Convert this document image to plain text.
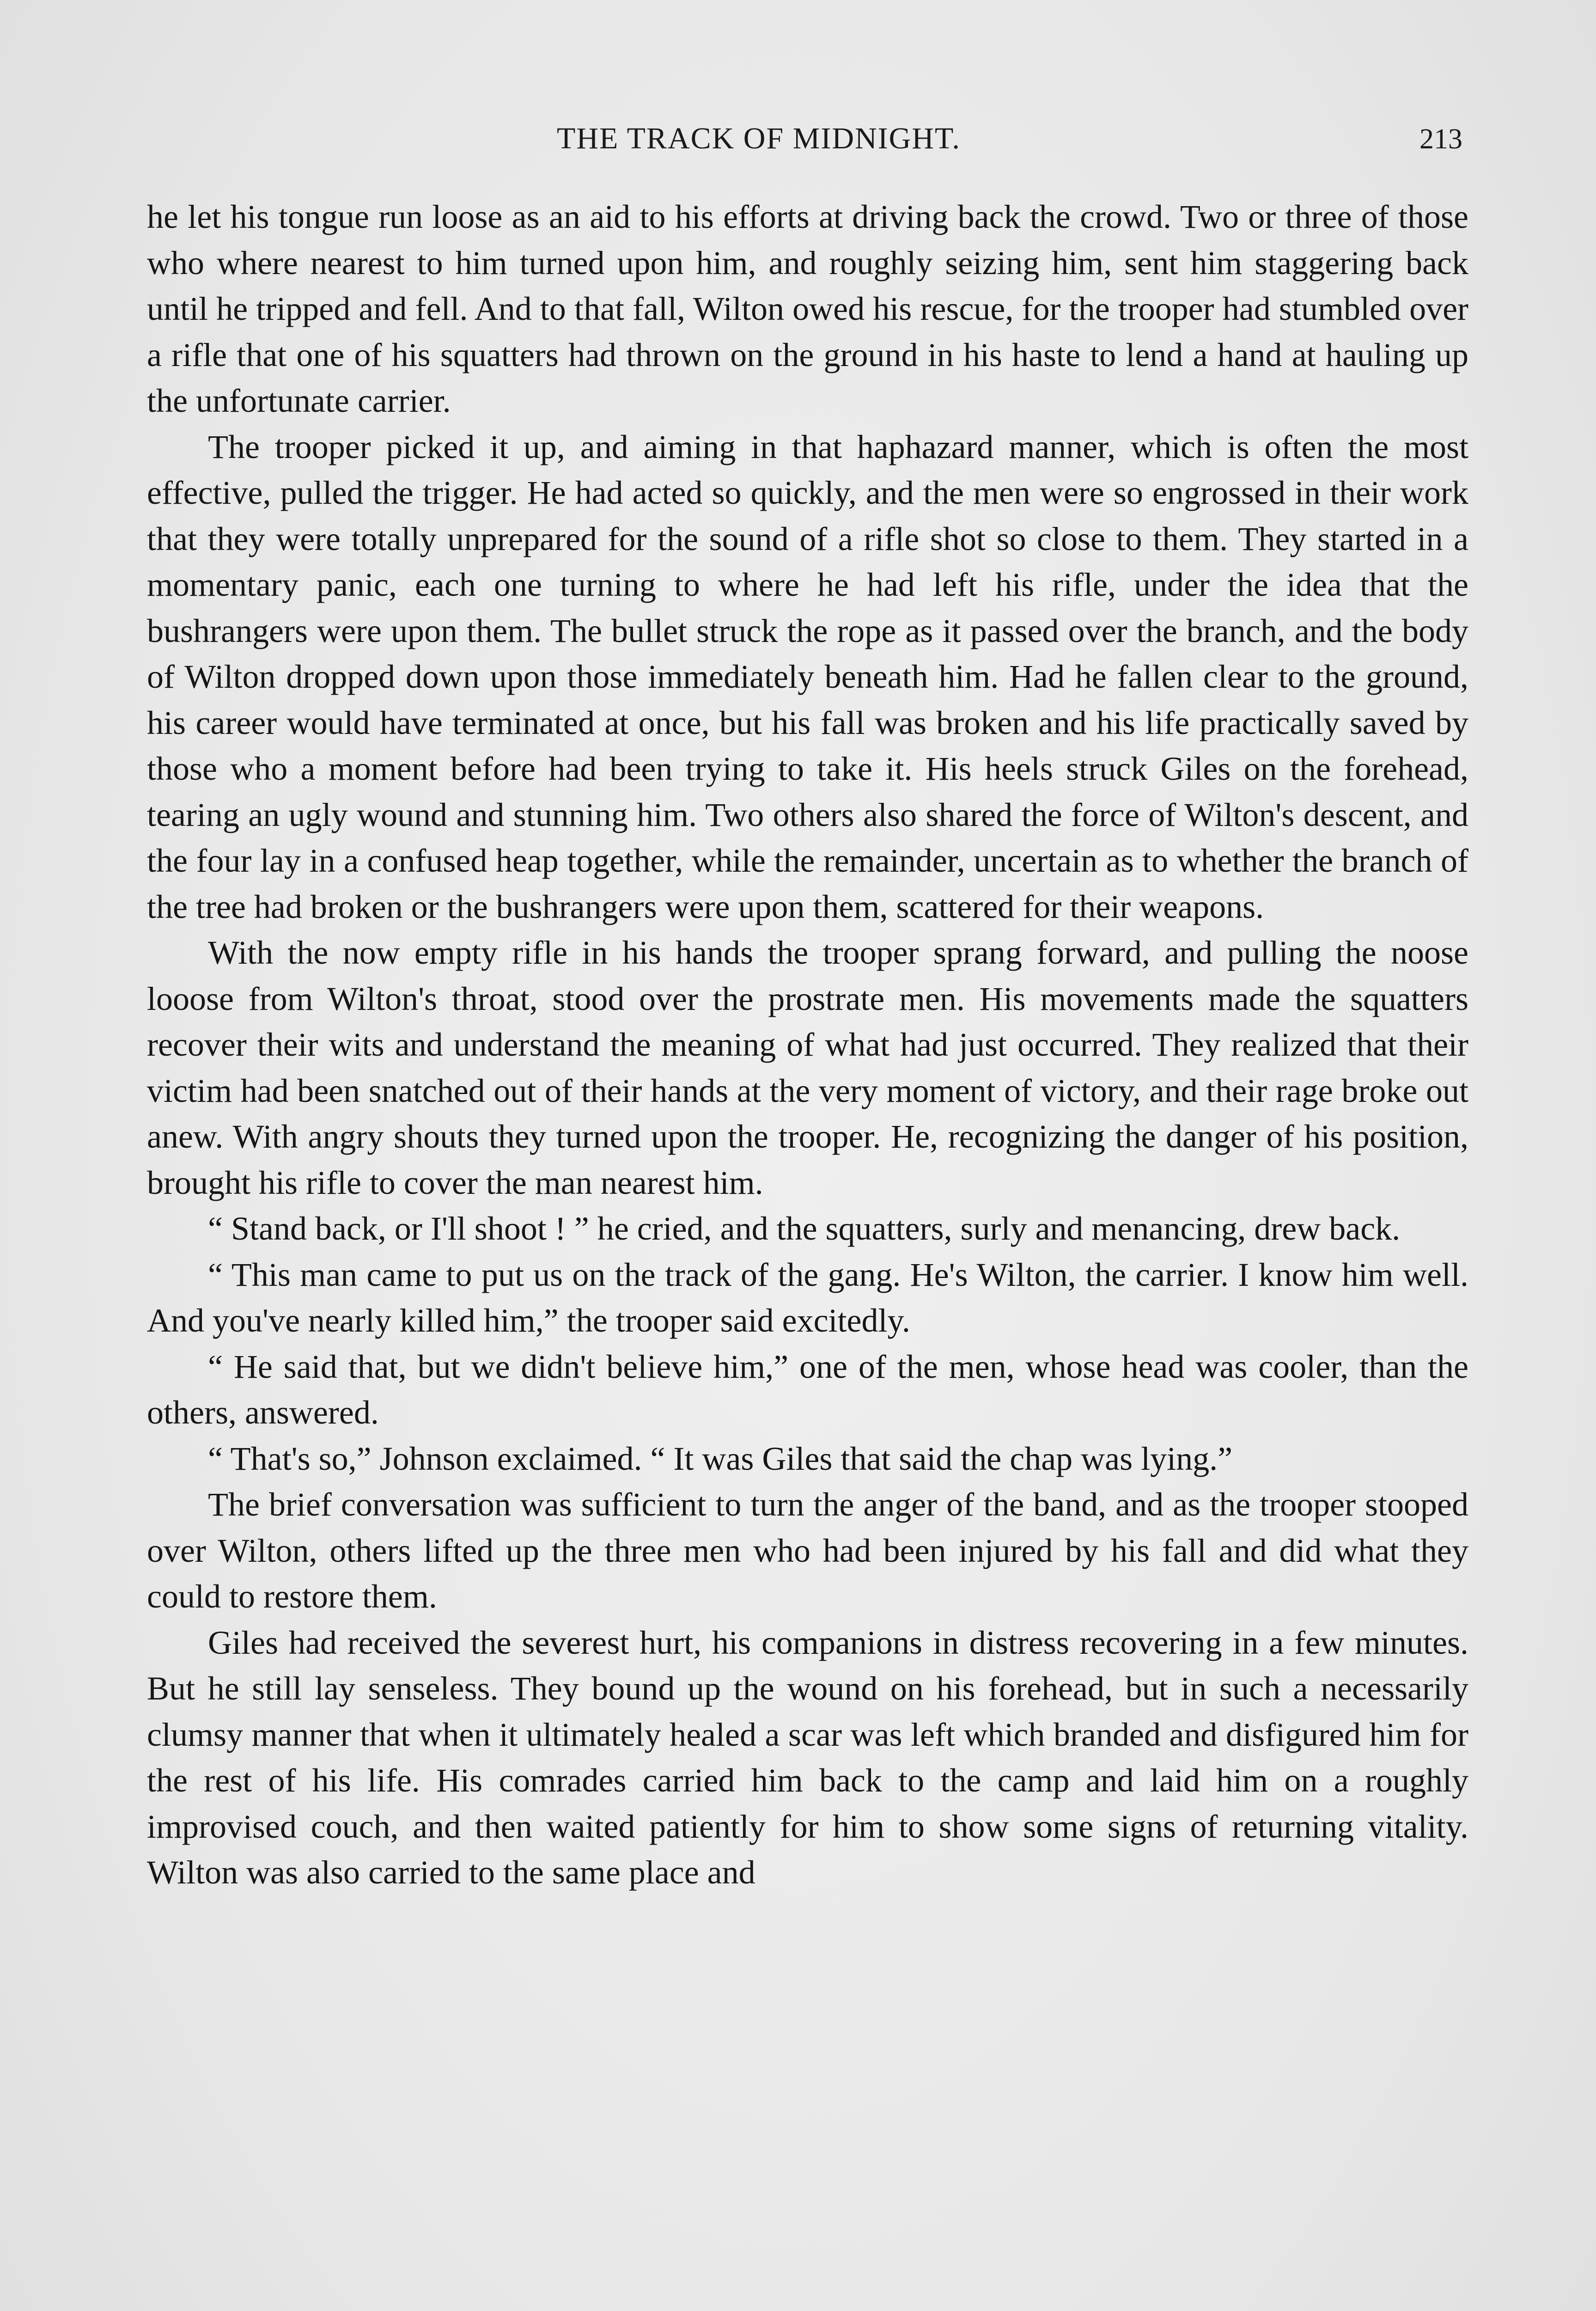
THE TRACK OF MIDNIGHT.	213

he let his tongue run loose as an aid to his efforts at driving back the crowd. Two or three of those who where nearest to him turned upon him, and roughly seizing him, sent him staggering back until he tripped and fell. And to that fall, Wilton owed his rescue, for the trooper had stumbled over a rifle that one of his squatters had thrown on the ground in his haste to lend a hand at hauling up the unfortunate carrier.

The trooper picked it up, and aiming in that haphazard manner, which is often the most effective, pulled the trigger. He had acted so quickly, and the men were so engrossed in their work that they were totally unprepared for the sound of a rifle shot so close to them. They started in a momentary panic, each one turning to where he had left his rifle, under the idea that the bushrangers were upon them. The bullet struck the rope as it passed over the branch, and the body of Wilton dropped down upon those immediately beneath him. Had he fallen clear to the ground, his career would have terminated at once, but his fall was broken and his life practically saved by those who a moment before had been trying to take it. His heels struck Giles on the forehead, tearing an ugly wound and stunning him. Two others also shared the force of Wilton's descent, and the four lay in a confused heap together, while the remainder, uncertain as to whether the branch of the tree had broken or the bushrangers were upon them, scattered for their weapons.

With the now empty rifle in his hands the trooper sprang forward, and pulling the noose looose from Wilton's throat, stood over the prostrate men. His movements made the squatters recover their wits and understand the meaning of what had just occurred. They realized that their victim had been snatched out of their hands at the very moment of victory, and their rage broke out anew. With angry shouts they turned upon the trooper. He, recognizing the danger of his position, brought his rifle to cover the man nearest him.

“ Stand back, or I'll shoot ! ” he cried, and the squatters, surly and menancing, drew back.

“ This man came to put us on the track of the gang. He's Wilton, the carrier. I know him well. And you've nearly killed him,” the trooper said excitedly.

“ He said that, but we didn't believe him,” one of the men, whose head was cooler, than the others, answered.

“ That's so,” Johnson exclaimed. “ It was Giles that said the chap was lying.”

The brief conversation was sufficient to turn the anger of the band, and as the trooper stooped over Wilton, others lifted up the three men who had been injured by his fall and did what they could to restore them.

Giles had received the severest hurt, his companions in distress recovering in a few minutes. But he still lay senseless. They bound up the wound on his forehead, but in such a necessarily clumsy manner that when it ultimately healed a scar was left which branded and disfigured him for the rest of his life. His comrades carried him back to the camp and laid him on a roughly improvised couch, and then waited patiently for him to show some signs of returning vitality. Wilton was also carried to the same place and
